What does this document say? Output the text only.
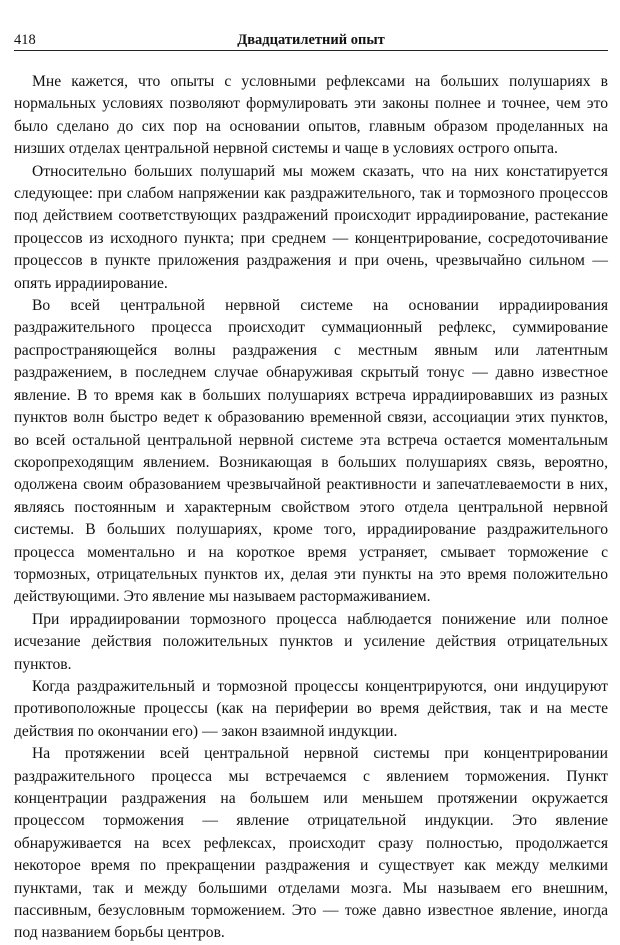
418	Двадцатилетний опыт

Мне кажется, что опыты с условными рефлексами на больших полушариях в нормальных условиях позволяют формулировать эти законы полнее и точнее, чем это было сделано до сих пор на основании опытов, главным образом проделанных на низших отделах центральной нервной системы и чаще в условиях острого опыта.

Относительно больших полушарий мы можем сказать, что на них констатируется следующее: при слабом напряжении как раздражительного, так и тормозного процессов под действием соответствующих раздражений происходит иррадиирование, растекание процессов из исходного пункта; при среднем — концентрирование, сосредоточивание процессов в пункте приложения раздражения и при очень, чрезвычайно сильном — опять иррадиирование.

Во всей центральной нервной системе на основании иррадиирования раздражительного процесса происходит суммационный рефлекс, суммирование распространяющейся волны раздражения с местным явным или латентным раздражением, в последнем случае обнаруживая скрытый тонус — давно известное явление. В то время как в больших полушариях встреча иррадиировавших из разных пунктов волн быстро ведет к образованию временной связи, ассоциации этих пунктов, во всей остальной центральной нервной системе эта встреча остается моментальным скоропреходящим явлением. Возникающая в больших полушариях связь, вероятно, одолжена своим образованием чрезвычайной реактивности и запечатлеваемости в них, являясь постоянным и характерным свойством этого отдела центральной нервной системы. В больших полушариях, кроме того, иррадиирование раздражительного процесса моментально и на короткое время устраняет, смывает торможение с тормозных, отрицательных пунктов их, делая эти пункты на это время положительно действующими. Это явление мы называем растормаживанием.

При иррадиировании тормозного процесса наблюдается понижение или полное исчезание действия положительных пунктов и усиление действия отрицательных пунктов.

Когда раздражительный и тормозной процессы концентрируются, они индуцируют противоположные процессы (как на периферии во время действия, так и на месте действия по окончании его) — закон взаимной индукции.

На протяжении всей центральной нервной системы при концентрировании раздражительного процесса мы встречаемся с явлением торможения. Пункт концентрации раздражения на большем или меньшем протяжении окружается процессом торможения — явление отрицательной индукции. Это явление обнаруживается на всех рефлексах, происходит сразу полностью, продолжается некоторое время по прекращении раздражения и существует как между мелкими пунктами, так и между большими отделами мозга. Мы называем его внешним, пассивным, безусловным торможением. Это — тоже давно известное явление, иногда под названием борьбы центров.
